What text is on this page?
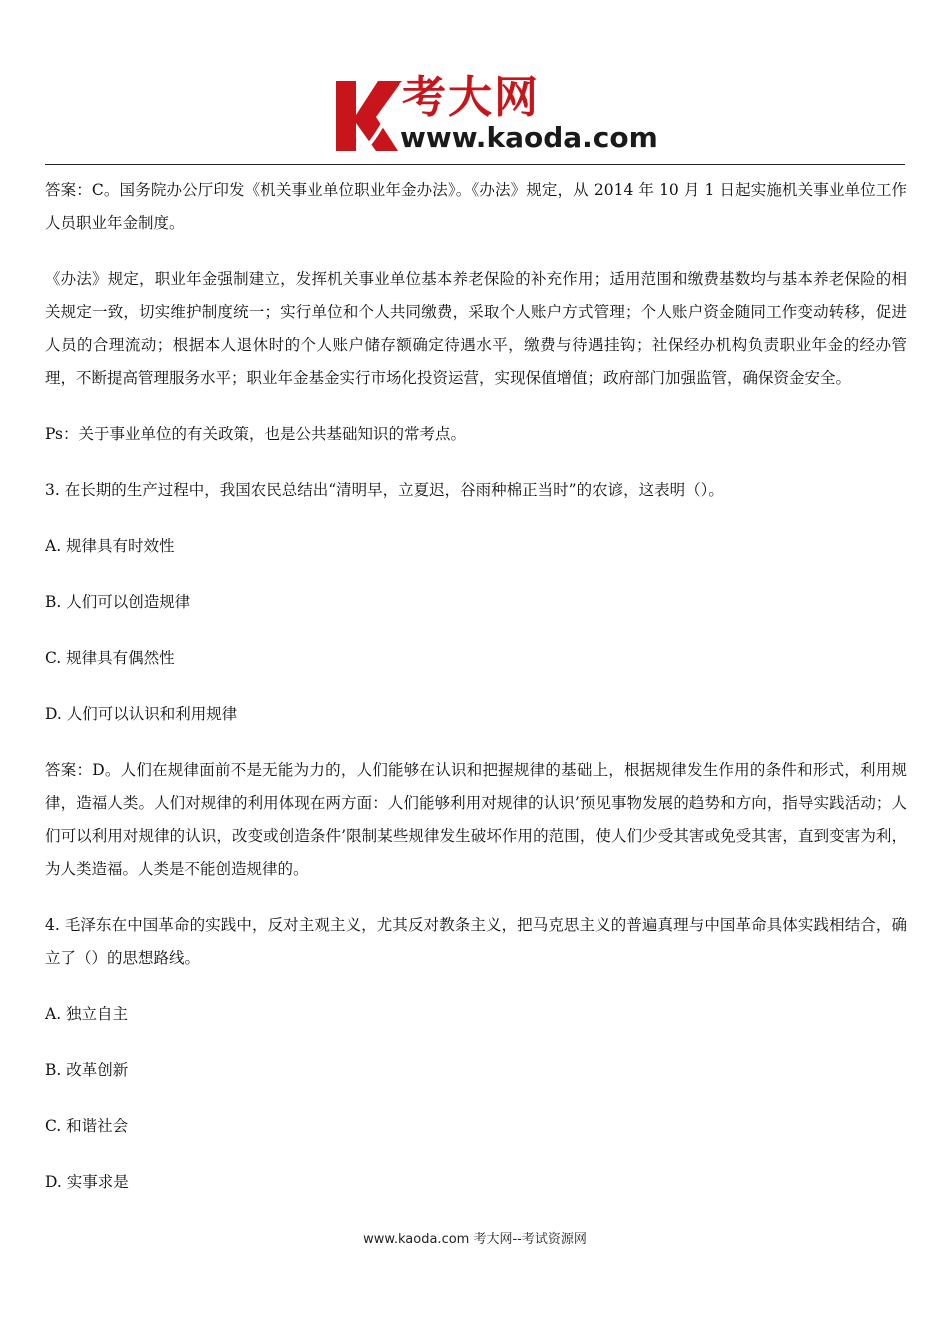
考大网
www.kaoda.com

答案：C。国务院办公厅印发《机关事业单位职业年金办法》。《办法》规定，从 2014 年 10 月 1 日起实施机关事业单位工作人员职业年金制度。

《办法》规定，职业年金强制建立，发挥机关事业单位基本养老保险的补充作用；适用范围和缴费基数均与基本养老保险的相关规定一致，切实维护制度统一；实行单位和个人共同缴费，采取个人账户方式管理；个人账户资金随同工作变动转移，促进人员的合理流动；根据本人退休时的个人账户储存额确定待遇水平，缴费与待遇挂钩；社保经办机构负责职业年金的经办管理，不断提高管理服务水平；职业年金基金实行市场化投资运营，实现保值增值；政府部门加强监管，确保资金安全。

Ps：关于事业单位的有关政策，也是公共基础知识的常考点。

3. 在长期的生产过程中，我国农民总结出“清明早，立夏迟，谷雨种棉正当时”的农谚，这表明（）。

A. 规律具有时效性

B. 人们可以创造规律

C. 规律具有偶然性

D. 人们可以认识和利用规律

答案：D。人们在规律面前不是无能为力的，人们能够在认识和把握规律的基础上，根据规律发生作用的条件和形式，利用规律，造福人类。人们对规律的利用体现在两方面：人们能够利用对规律的认识’预见事物发展的趋势和方向，指导实践活动；人们可以利用对规律的认识，改变或创造条件’限制某些规律发生破坏作用的范围，使人们少受其害或免受其害，直到变害为利，为人类造福。人类是不能创造规律的。

4. 毛泽东在中国革命的实践中，反对主观主义，尤其反对教条主义，把马克思主义的普遍真理与中国革命具体实践相结合，确立了（）的思想路线。

A. 独立自主

B. 改革创新

C. 和谐社会

D. 实事求是

www.kaoda.com 考大网--考试资源网
